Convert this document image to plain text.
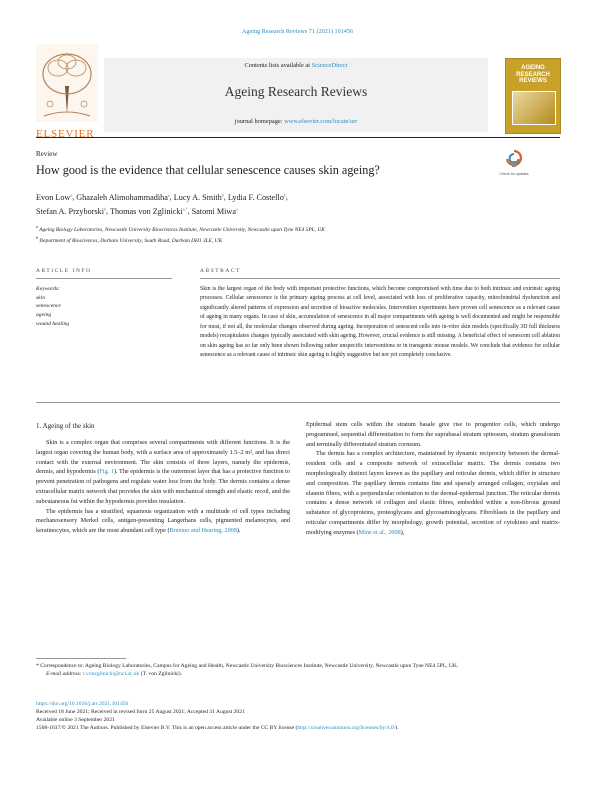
Ageing Research Reviews 71 (2021) 101456
ELSEVIER
Contents lists available at ScienceDirect
Ageing Research Reviews
journal homepage: www.elsevier.com/locate/arr
AGEING
RESEARCH
REVIEWS
Review
Check for updates
How good is the evidence that cellular senescence causes skin ageing?
Evon Low$^a$, Ghazaleh Alimohammadiha$^a$, Lucy A. Smith$^b$, Lydia F. Costello$^b$,
Stefan A. Przyborski$^b$, Thomas von Zglinicki$^{a,*}$, Satomi Miwa$^a$
$^a$ Ageing Biology Laboratories, Newcastle University Biosciences Institute, Newcastle University, Newcastle upon Tyne NE4 5PL, UK
$^b$ Department of Biosciences, Durham University, South Road, Durham DH1 3LE, UK
ARTICLE INFO	ABSTRACT
Keywords:
skin
senescence
ageing
wound healing
Skin is the largest organ of the body with important protective functions, which become compromised with time due to both intrinsic and extrinsic ageing processes. Cellular senescence is the primary ageing process at cell level, associated with loss of proliferative capacity, mitochondrial dysfunction and significantly altered patterns of expression and secretion of bioactive molecules. Intervention experiments have proven cell senescence as a relevant cause of ageing in many organs. In case of skin, accumulation of senescence in all major compartments with ageing is well documented and might be responsible for most, if not all, the molecular changes observed during ageing. Incorporation of senescent cells into in-vitro skin models (specifically 3D full thickness models) recapitulates changes typically associated with skin ageing. However, crucial evidence is still missing. A beneficial effect of senescent cell ablation on skin ageing has so far only been shown following rather unspecific interventions or in transgenic mouse models. We conclude that evidence for cellular senescence as a relevant cause of intrinsic skin ageing is highly suggestive but not yet completely conclusive.
1. Ageing of the skin

Skin is a complex organ that comprises several compartments with different functions. It is the largest organ covering the human body, with a surface area of approximately 1.5–2 m², and has direct contact with the external environment. The skin consists of three layers, namely the epidermis, dermis, and hypodermis (Fig. 1). The epidermis is the outermost layer that has a protective function to prevent penetration of pathogens and regulate water loss from the body. The dermis contains a dense extracellular matrix network that provides the skin with mechanical strength and elastic recoil, and the subcutaneous fat within the hypodermis provides insulation.

The epidermis has a stratified, squamous organization with a multitude of cell types including mechanosensory Merkel cells, antigen-presenting Langerhans cells, pigmented melanocytes, and keratinocytes, which are the most abundant cell type (Brenner and Hearing, 2008).

Epidermal stem cells within the stratum basale give rise to progenitor cells, which undergo programmed, sequential differentiation to form the suprabasal stratum spinosum, stratum granulosum and terminally differentiated stratum corneum.

The dermis has a complex architecture, maintained by dynamic reciprocity between the dermal-resident cells and a composite network of extracellular matrix. The dermis contains two morphologically distinct layers known as the papillary and reticular dermis, which differ in structure and composition. The papillary dermis contains fine and sparsely arranged collagen, oxytalan and elaunin fibres, with a perpendicular orientation to the dermal-epidermal junction. The reticular dermis contains a dense network of collagen and elastic fibres, embedded within a non-fibrous ground substance of glycoproteins, proteoglycans and glycosaminoglycans. Fibroblasts in the papillary and reticular compartments differ by morphology, growth potential, secretion of cytokines and matrix-modifying enzymes (Mine et al., 2008),

* Correspondence to: Ageing Biology Laboratories, Campus for Ageing and Health, Newcastle University Biosciences Institute, Newcastle University, Newcastle upon Tyne NE4 5PL, UK.
E-mail address: t.vonzglinicki@ncl.ac.uk (T. von Zglinicki).
https://doi.org/10.1016/j.arr.2021.101456
Received 18 June 2021; Received in revised form 25 August 2021; Accepted 31 August 2021
Available online 3 September 2021
1568-1637/© 2021 The Authors. Published by Elsevier B.V. This is an open access article under the CC BY license (http://creativecommons.org/licenses/by/4.0/).
